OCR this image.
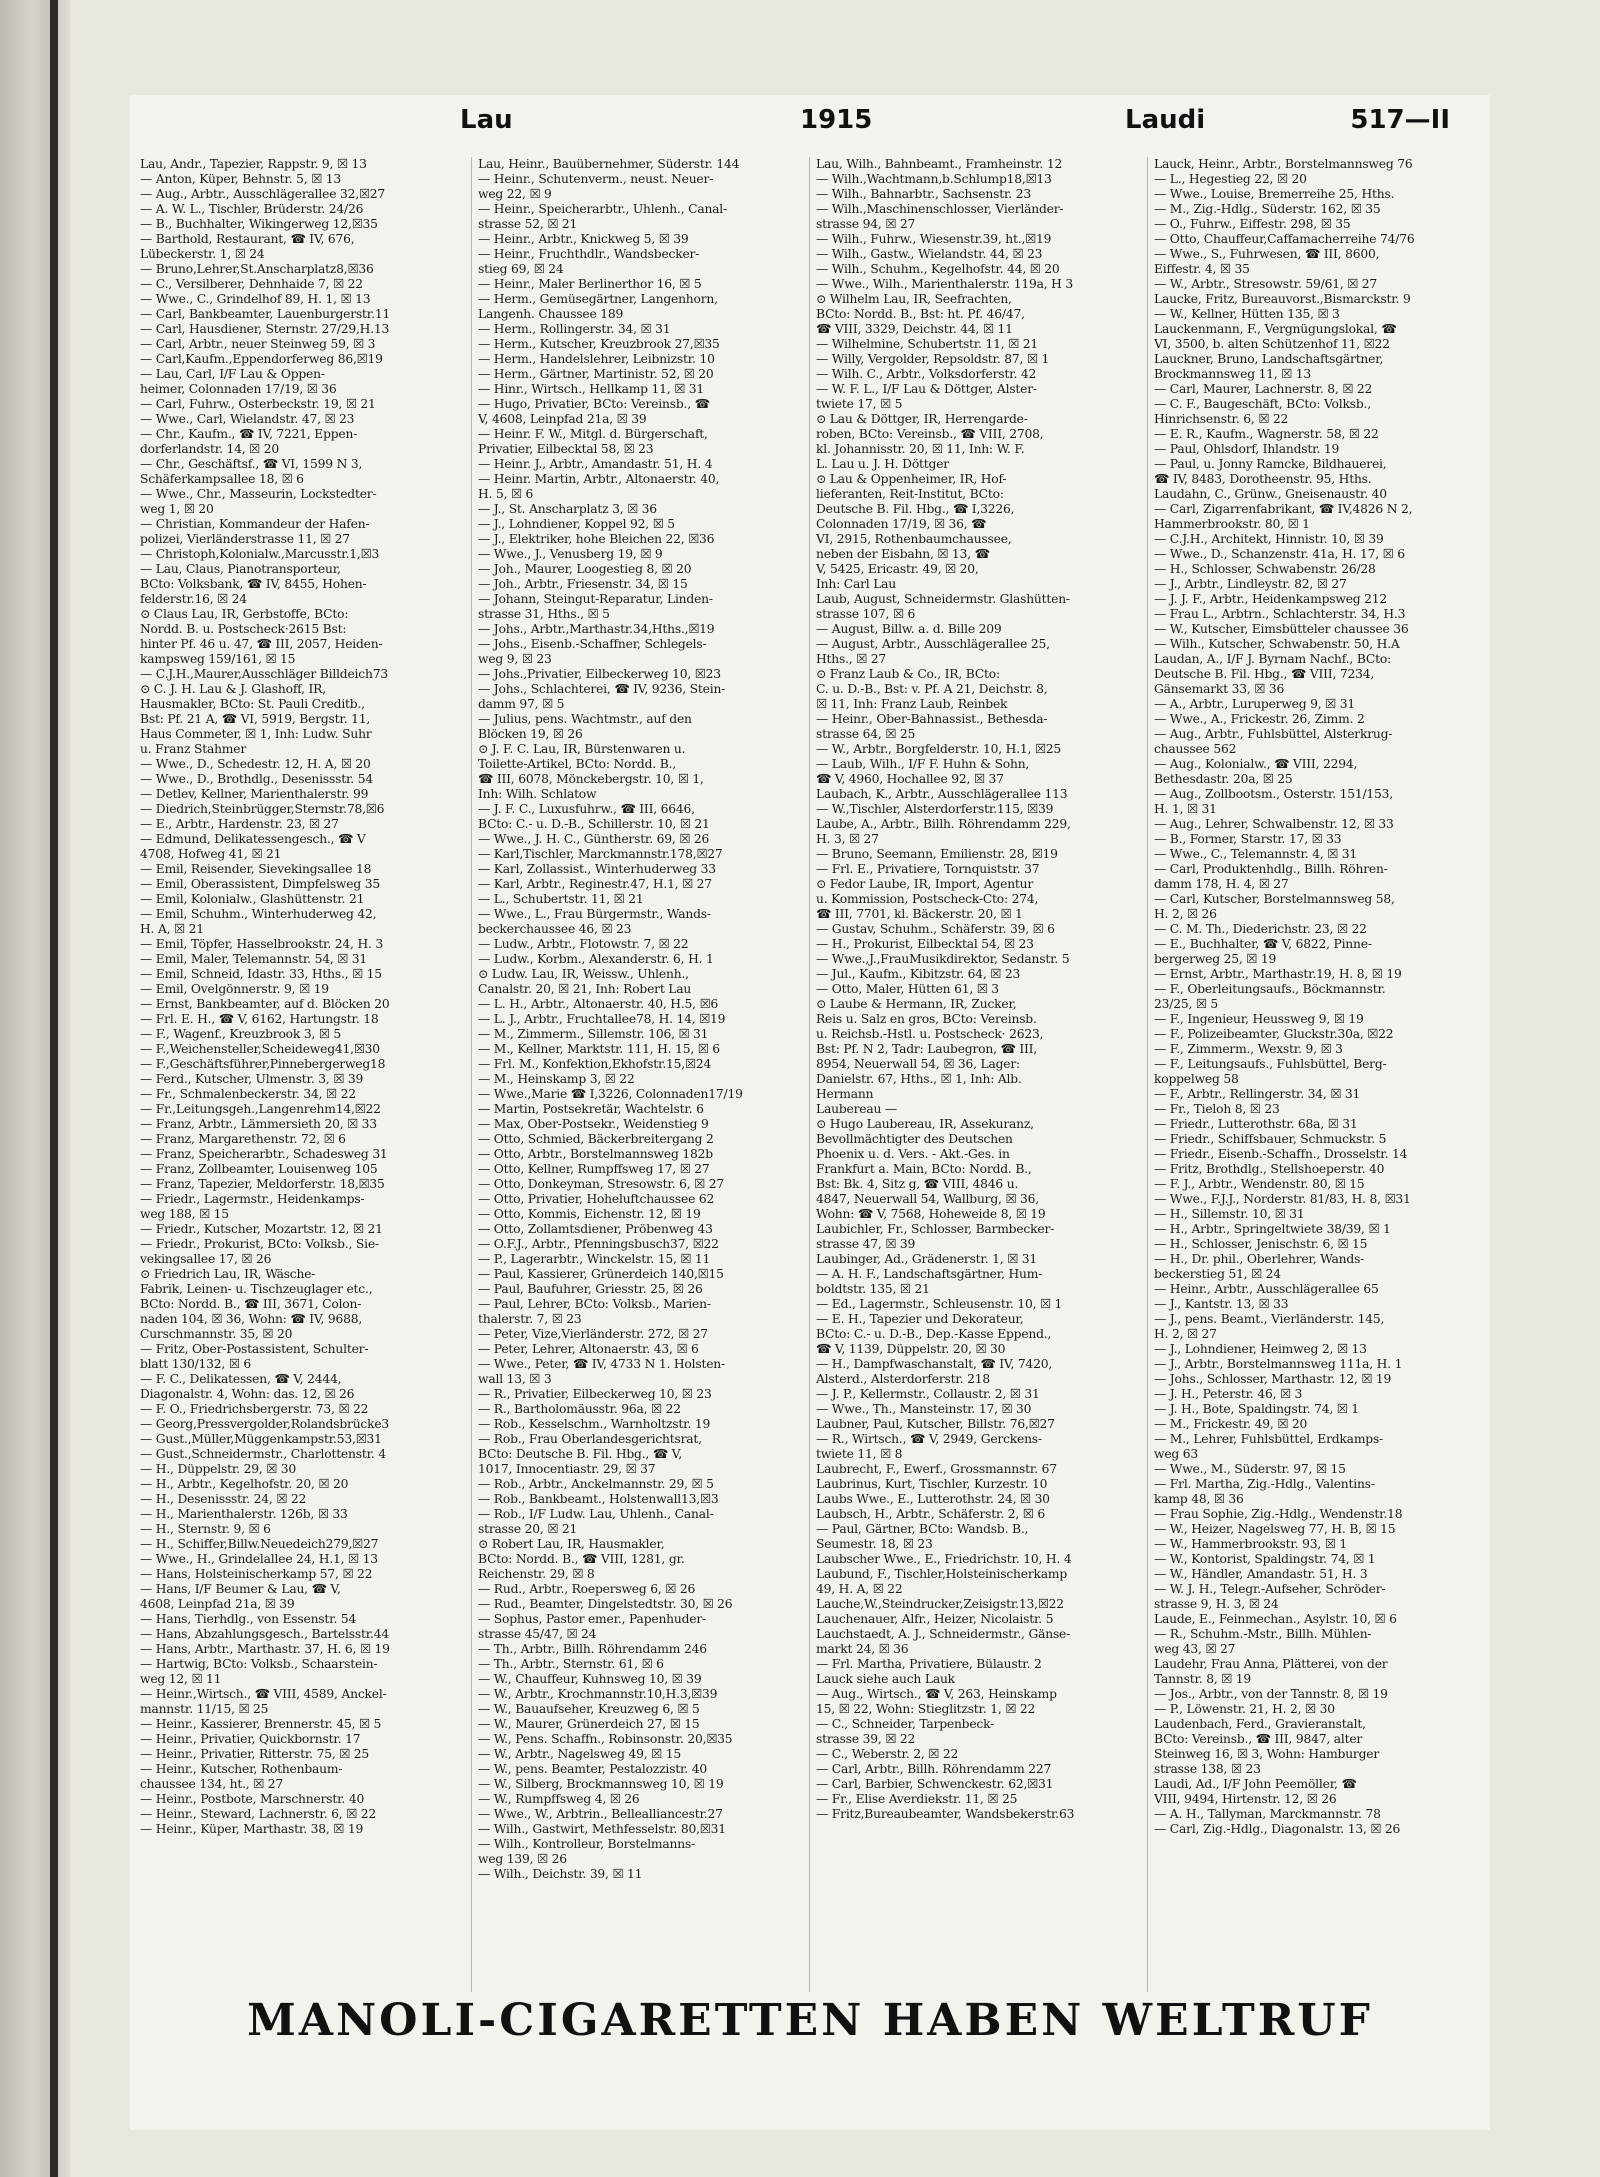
Lau	1915	Laudi	517—II
Lau, Andr., Tapezier, Rappstr. 9, ☒ 13
— Anton, Küper, Behnstr. 5, ☒ 13
— Aug., Arbtr., Ausschlägerallee 32,☒27
— A. W. L., Tischler, Brüderstr. 24/26
— B., Buchhalter, Wikingerweg 12,☒35
— Barthold, Restaurant, ☎ IV, 676,
Lübeckerstr. 1, ☒ 24
— Bruno,Lehrer,St.Anscharplatz8,☒36
— C., Versilberer, Dehnhaide 7, ☒ 22
— Wwe., C., Grindelhof 89, H. 1, ☒ 13
— Carl, Bankbeamter, Lauenburgerstr.11
— Carl, Hausdiener, Sternstr. 27/29,H.13
— Carl, Arbtr., neuer Steinweg 59, ☒ 3
— Carl,Kaufm.,Eppendorferweg 86,☒19
— Lau, Carl, I/F Lau & Oppen-
heimer, Colonnaden 17/19, ☒ 36
— Carl, Fuhrw., Osterbeckstr. 19, ☒ 21
— Wwe., Carl, Wielandstr. 47, ☒ 23
— Chr., Kaufm., ☎ IV, 7221, Eppen-
dorferlandstr. 14, ☒ 20
— Chr., Geschäftsf., ☎ VI, 1599 N 3,
Schäferkampsallee 18, ☒ 6
— Wwe., Chr., Masseurin, Lockstedter-
weg 1, ☒ 20
— Christian, Kommandeur der Hafen-
polizei, Vierländerstrasse 11, ☒ 27
— Christoph,Kolonialw.,Marcusstr.1,☒3
— Lau, Claus, Pianotransporteur,
BCto: Volksbank, ☎ IV, 8455, Hohen-
felderstr.16, ☒ 24
⊙ Claus Lau, IR, Gerbstoffe, BCto:
Nordd. B. u. Postscheck·2615 Bst:
hinter Pf. 46 u. 47, ☎ III, 2057, Heiden-
kampsweg 159/161, ☒ 15
— C.J.H.,Maurer,Ausschläger Billdeich73
⊙ C. J. H. Lau & J. Glashoff, IR,
Hausmakler, BCto: St. Pauli Creditb.,
Bst: Pf. 21 A, ☎ VI, 5919, Bergstr. 11,
Haus Commeter, ☒ 1, Inh: Ludw. Suhr
u. Franz Stahmer
— Wwe., D., Schedestr. 12, H. A, ☒ 20
— Wwe., D., Brothdlg., Desenissstr. 54
— Detlev, Kellner, Marienthalerstr. 99
— Diedrich,Steinbrügger,Sternstr.78,☒6
— E., Arbtr., Hardenstr. 23, ☒ 27
— Edmund, Delikatessengesch., ☎ V
4708, Hofweg 41, ☒ 21
— Emil, Reisender, Sievekingsallee 18
— Emil, Oberassistent, Dimpfelsweg 35
— Emil, Kolonialw., Glashüttenstr. 21
— Emil, Schuhm., Winterhuderweg 42,
H. A, ☒ 21
— Emil, Töpfer, Hasselbrookstr. 24, H. 3
— Emil, Maler, Telemannstr. 54, ☒ 31
— Emil, Schneid, Idastr. 33, Hths., ☒ 15
— Emil, Ovelgönnerstr. 9, ☒ 19
— Ernst, Bankbeamter, auf d. Blöcken 20
— Frl. E. H., ☎ V, 6162, Hartungstr. 18
— F., Wagenf., Kreuzbrook 3, ☒ 5
— F.,Weichensteller,Scheideweg41,☒30
— F.,Geschäftsführer,Pinnebergerweg18
— Ferd., Kutscher, Ulmenstr. 3, ☒ 39
— Fr., Schmalenbeckerstr. 34, ☒ 22
— Fr.,Leitungsgeh.,Langenrehm14,☒22
— Franz, Arbtr., Lämmersieth 20, ☒ 33
— Franz, Margarethenstr. 72, ☒ 6
— Franz, Speicherarbtr., Schadesweg 31
— Franz, Zollbeamter, Louisenweg 105
— Franz, Tapezier, Meldorferstr. 18,☒35
— Friedr., Lagermstr., Heidenkamps-
weg 188, ☒ 15
— Friedr., Kutscher, Mozartstr. 12, ☒ 21
— Friedr., Prokurist, BCto: Volksb., Sie-
vekingsallee 17, ☒ 26
⊙ Friedrich Lau, IR, Wäsche-
Fabrik, Leinen- u. Tischzeuglager etc.,
BCto: Nordd. B., ☎ III, 3671, Colon-
naden 104, ☒ 36, Wohn: ☎ IV, 9688,
Curschmannstr. 35, ☒ 20
— Fritz, Ober-Postassistent, Schulter-
blatt 130/132, ☒ 6
— F. C., Delikatessen, ☎ V, 2444,
Diagonalstr. 4, Wohn: das. 12, ☒ 26
— F. O., Friedrichsbergerstr. 73, ☒ 22
— Georg,Pressvergolder,Rolandsbrücke3
— Gust.,Müller,Müggenkampstr.53,☒31
— Gust.,Schneidermstr., Charlottenstr. 4
— H., Düppelstr. 29, ☒ 30
— H., Arbtr., Kegelhofstr. 20, ☒ 20
— H., Desenissstr. 24, ☒ 22
— H., Marienthalerstr. 126b, ☒ 33
— H., Sternstr. 9, ☒ 6
— H., Schiffer,Billw.Neuedeich279,☒27
— Wwe., H., Grindelallee 24, H.1, ☒ 13
— Hans, Holsteinischerkamp 57, ☒ 22
— Hans, I/F Beumer & Lau, ☎ V,
4608, Leinpfad 21a, ☒ 39
— Hans, Tierhdlg., von Essenstr. 54
— Hans, Abzahlungsgesch., Bartelsstr.44
— Hans, Arbtr., Marthastr. 37, H. 6, ☒ 19
— Hartwig, BCto: Volksb., Schaarstein-
weg 12, ☒ 11
— Heinr.,Wirtsch., ☎ VIII, 4589, Anckel-
mannstr. 11/15, ☒ 25
— Heinr., Kassierer, Brennerstr. 45, ☒ 5
— Heinr., Privatier, Quickbornstr. 17
— Heinr., Privatier, Ritterstr. 75, ☒ 25
— Heinr., Kutscher, Rothenbaum-
chaussee 134, ht., ☒ 27
— Heinr., Postbote, Marschnerstr. 40
— Heinr., Steward, Lachnerstr. 6, ☒ 22
— Heinr., Küper, Marthastr. 38, ☒ 19
Lau, Heinr., Bauübernehmer, Süderstr. 144
— Heinr., Schutenverm., neust. Neuer-
weg 22, ☒ 9
— Heinr., Speicherarbtr., Uhlenh., Canal-
strasse 52, ☒ 21
— Heinr., Arbtr., Knickweg 5, ☒ 39
— Heinr., Fruchthdlr., Wandsbecker-
stieg 69, ☒ 24
— Heinr., Maler Berlinerthor 16, ☒ 5
— Herm., Gemüsegärtner, Langenhorn,
Langenh. Chaussee 189
— Herm., Rollingerstr. 34, ☒ 31
— Herm., Kutscher, Kreuzbrook 27,☒35
— Herm., Handelslehrer, Leibnizstr. 10
— Herm., Gärtner, Martinistr. 52, ☒ 20
— Hinr., Wirtsch., Hellkamp 11, ☒ 31
— Hugo, Privatier, BCto: Vereinsb., ☎
V, 4608, Leinpfad 21a, ☒ 39
— Heinr. F. W., Mitgl. d. Bürgerschaft,
Privatier, Eilbecktal 58, ☒ 23
— Heinr. J., Arbtr., Amandastr. 51, H. 4
— Heinr. Martin, Arbtr., Altonaerstr. 40,
H. 5, ☒ 6
— J., St. Anscharplatz 3, ☒ 36
— J., Lohndiener, Koppel 92, ☒ 5
— J., Elektriker, hohe Bleichen 22, ☒36
— Wwe., J., Venusberg 19, ☒ 9
— Joh., Maurer, Loogestieg 8, ☒ 20
— Joh., Arbtr., Friesenstr. 34, ☒ 15
— Johann, Steingut-Reparatur, Linden-
strasse 31, Hths., ☒ 5
— Johs., Arbtr.,Marthastr.34,Hths.,☒19
— Johs., Eisenb.-Schaffner, Schlegels-
weg 9, ☒ 23
— Johs.,Privatier, Eilbeckerweg 10, ☒23
— Johs., Schlachterei, ☎ IV, 9236, Stein-
damm 97, ☒ 5
— Julius, pens. Wachtmstr., auf den
Blöcken 19, ☒ 26
⊙ J. F. C. Lau, IR, Bürstenwaren u.
Toilette-Artikel, BCto: Nordd. B.,
☎ III, 6078, Mönckebergstr. 10, ☒ 1,
Inh: Wilh. Schlatow
— J. F. C., Luxusfuhrw., ☎ III, 6646,
BCto: C.- u. D.-B., Schillerstr. 10, ☒ 21
— Wwe., J. H. C., Güntherstr. 69, ☒ 26
— Karl,Tischler, Marckmannstr.178,☒27
— Karl, Zollassist., Winterhuderweg 33
— Karl, Arbtr., Reginestr.47, H.1, ☒ 27
— L., Schubertstr. 11, ☒ 21
— Wwe., L., Frau Bürgermstr., Wands-
beckerchaussee 46, ☒ 23
— Ludw., Arbtr., Flotowstr. 7, ☒ 22
— Ludw., Korbm., Alexanderstr. 6, H. 1
⊙ Ludw. Lau, IR, Weissw., Uhlenh.,
Canalstr. 20, ☒ 21, Inh: Robert Lau
— L. H., Arbtr., Altonaerstr. 40, H.5, ☒6
— L. J., Arbtr., Fruchtallee78, H. 14, ☒19
— M., Zimmerm., Sillemstr. 106, ☒ 31
— M., Kellner, Marktstr. 111, H. 15, ☒ 6
— Frl. M., Konfektion,Ekhofstr.15,☒24
— M., Heinskamp 3, ☒ 22
— Wwe.,Marie ☎ I,3226, Colonnaden17/19
— Martin, Postsekretär, Wachtelstr. 6
— Max, Ober-Postsekr., Weidenstieg 9
— Otto, Schmied, Bäckerbreitergang 2
— Otto, Arbtr., Borstelmannsweg 182b
— Otto, Kellner, Rumpffsweg 17, ☒ 27
— Otto, Donkeyman, Stresowstr. 6, ☒ 27
— Otto, Privatier, Hoheluftchaussee 62
— Otto, Kommis, Eichenstr. 12, ☒ 19
— Otto, Zollamtsdiener, Pröbenweg 43
— O.F.J., Arbtr., Pfenningsbusch37, ☒22
— P., Lagerarbtr., Winckelstr. 15, ☒ 11
— Paul, Kassierer, Grünerdeich 140,☒15
— Paul, Baufuhrer, Griesstr. 25, ☒ 26
— Paul, Lehrer, BCto: Volksb., Marien-
thalerstr. 7, ☒ 23
— Peter, Vize,Vierländerstr. 272, ☒ 27
— Peter, Lehrer, Altonaerstr. 43, ☒ 6
— Wwe., Peter, ☎ IV, 4733 N 1. Holsten-
wall 13, ☒ 3
— R., Privatier, Eilbeckerweg 10, ☒ 23
— R., Bartholomäusstr. 96a, ☒ 22
— Rob., Kesselschm., Warnholtzstr. 19
— Rob., Frau Oberlandesgerichtsrat,
BCto: Deutsche B. Fil. Hbg., ☎ V,
1017, Innocentiastr. 29, ☒ 37
— Rob., Arbtr., Anckelmannstr. 29, ☒ 5
— Rob., Bankbeamt., Holstenwall13,☒3
— Rob., I/F Ludw. Lau, Uhlenh., Canal-
strasse 20, ☒ 21
⊙ Robert Lau, IR, Hausmakler,
BCto: Nordd. B., ☎ VIII, 1281, gr.
Reichenstr. 29, ☒ 8
— Rud., Arbtr., Roepersweg 6, ☒ 26
— Rud., Beamter, Dingelstedtstr. 30, ☒ 26
— Sophus, Pastor emer., Papenhuder-
strasse 45/47, ☒ 24
— Th., Arbtr., Billh. Röhrendamm 246
— Th., Arbtr., Sternstr. 61, ☒ 6
— W., Chauffeur, Kuhnsweg 10, ☒ 39
— W., Arbtr., Krochmannstr.10,H.3,☒39
— W., Bauaufseher, Kreuzweg 6, ☒ 5
— W., Maurer, Grünerdeich 27, ☒ 15
— W., Pens. Schaffn., Robinsonstr. 20,☒35
— W., Arbtr., Nagelsweg 49, ☒ 15
— W., pens. Beamter, Pestalozzistr. 40
— W., Silberg, Brockmannsweg 10, ☒ 19
— W., Rumpffsweg 4, ☒ 26
— Wwe., W., Arbtrin., Bellealliancestr.27
— Wilh., Gastwirt, Methfesselstr. 80,☒31
— Wilh., Kontrolleur, Borstelmanns-
weg 139, ☒ 26
— Wilh., Deichstr. 39, ☒ 11
Lau, Wilh., Bahnbeamt., Framheinstr. 12
— Wilh.,Wachtmann,b.Schlump18,☒13
— Wilh., Bahnarbtr., Sachsenstr. 23
— Wilh.,Maschinenschlosser, Vierländer-
strasse 94, ☒ 27
— Wilh., Fuhrw., Wiesenstr.39, ht.,☒19
— Wilh., Gastw., Wielandstr. 44, ☒ 23
— Wilh., Schuhm., Kegelhofstr. 44, ☒ 20
— Wwe., Wilh., Marienthalerstr. 119a, H 3
⊙ Wilhelm Lau, IR, Seefrachten,
BCto: Nordd. B., Bst: ht. Pf. 46/47,
☎ VIII, 3329, Deichstr. 44, ☒ 11
— Wilhelmine, Schubertstr. 11, ☒ 21
— Willy, Vergolder, Repsoldstr. 87, ☒ 1
— Wilh. C., Arbtr., Volksdorferstr. 42
— W. F. L., I/F Lau & Döttger, Alster-
twiete 17, ☒ 5
⊙ Lau & Döttger, IR, Herrengarde-
roben, BCto: Vereinsb., ☎ VIII, 2708,
kl. Johannisstr. 20, ☒ 11, Inh: W. F.
L. Lau u. J. H. Döttger
⊙ Lau & Oppenheimer, IR, Hof-
lieferanten, Reit-Institut, BCto:
Deutsche B. Fil. Hbg., ☎ I,3226,
Colonnaden 17/19, ☒ 36, ☎
VI, 2915, Rothenbaumchaussee,
neben der Eisbahn, ☒ 13, ☎
V, 5425, Ericastr. 49, ☒ 20,
Inh: Carl Lau
Laub, August, Schneidermstr. Glashütten-
strasse 107, ☒ 6
— August, Billw. a. d. Bille 209
— August, Arbtr., Ausschlägerallee 25,
Hths., ☒ 27
⊙ Franz Laub & Co., IR, BCto:
C. u. D.-B., Bst: v. Pf. A 21, Deichstr. 8,
☒ 11, Inh: Franz Laub, Reinbek
— Heinr., Ober-Bahnassist., Bethesda-
strasse 64, ☒ 25
— W., Arbtr., Borgfelderstr. 10, H.1, ☒25
— Laub, Wilh., I/F F. Huhn & Sohn,
☎ V, 4960, Hochallee 92, ☒ 37
Laubach, K., Arbtr., Ausschlägerallee 113
— W.,Tischler, Alsterdorferstr.115, ☒39
Laube, A., Arbtr., Billh. Röhrendamm 229,
H. 3, ☒ 27
— Bruno, Seemann, Emilienstr. 28, ☒19
— Frl. E., Privatiere, Tornquiststr. 37
⊙ Fedor Laube, IR, Import, Agentur
u. Kommission, Postscheck-Cto: 274,
☎ III, 7701, kl. Bäckerstr. 20, ☒ 1
— Gustav, Schuhm., Schäferstr. 39, ☒ 6
— H., Prokurist, Eilbecktal 54, ☒ 23
— Wwe.,J.,FrauMusikdirektor, Sedanstr. 5
— Jul., Kaufm., Kibitzstr. 64, ☒ 23
— Otto, Maler, Hütten 61, ☒ 3
⊙ Laube & Hermann, IR, Zucker,
Reis u. Salz en gros, BCto: Vereinsb.
u. Reichsb.-Hstl. u. Postscheck· 2623,
Bst: Pf. N 2, Tadr: Laubegron, ☎ III,
8954, Neuerwall 54, ☒ 36, Lager:
Danielstr. 67, Hths., ☒ 1, Inh: Alb.
Hermann
Laubereau —
⊙ Hugo Laubereau, IR, Assekuranz,
Bevollmächtigter des Deutschen
Phoenix u. d. Vers. - Akt.-Ges. in
Frankfurt a. Main, BCto: Nordd. B.,
Bst: Bk. 4, Sitz g, ☎ VIII, 4846 u.
4847, Neuerwall 54, Wallburg, ☒ 36,
Wohn: ☎ V, 7568, Hoheweide 8, ☒ 19
Laubichler, Fr., Schlosser, Barmbecker-
strasse 47, ☒ 39
Laubinger, Ad., Grädenerstr. 1, ☒ 31
— A. H. F., Landschaftsgärtner, Hum-
boldtstr. 135, ☒ 21
— Ed., Lagermstr., Schleusenstr. 10, ☒ 1
— E. H., Tapezier und Dekorateur,
BCto: C.- u. D.-B., Dep.-Kasse Eppend.,
☎ V, 1139, Düppelstr. 20, ☒ 30
— H., Dampfwaschanstalt, ☎ IV, 7420,
Alsterd., Alsterdorferstr. 218
— J. P., Kellermstr., Collaustr. 2, ☒ 31
— Wwe., Th., Mansteinstr. 17, ☒ 30
Laubner, Paul, Kutscher, Billstr. 76,☒27
— R., Wirtsch., ☎ V, 2949, Gerckens-
twiete 11, ☒ 8
Laubrecht, F., Ewerf., Grossmannstr. 67
Laubrinus, Kurt, Tischler, Kurzestr. 10
Laubs Wwe., E., Lutterothstr. 24, ☒ 30
Laubsch, H., Arbtr., Schäferstr. 2, ☒ 6
— Paul, Gärtner, BCto: Wandsb. B.,
Seumestr. 18, ☒ 23
Laubscher Wwe., E., Friedrichstr. 10, H. 4
Laubund, F., Tischler,Holsteinischerkamp
49, H. A, ☒ 22
Lauche,W.,Steindrucker,Zeisigstr.13,☒22
Lauchenauer, Alfr., Heizer, Nicolaistr. 5
Lauchstaedt, A. J., Schneidermstr., Gänse-
markt 24, ☒ 36
— Frl. Martha, Privatiere, Bülaustr. 2
Lauck siehe auch Lauk
— Aug., Wirtsch., ☎ V, 263, Heinskamp
15, ☒ 22, Wohn: Stieglitzstr. 1, ☒ 22
— C., Schneider, Tarpenbeck-
strasse 39, ☒ 22
— C., Weberstr. 2, ☒ 22
— Carl, Arbtr., Billh. Röhrendamm 227
— Carl, Barbier, Schwenckestr. 62,☒31
— Fr., Elise Averdiekstr. 11, ☒ 25
— Fritz,Bureaubeamter, Wandsbekerstr.63
Lauck, Heinr., Arbtr., Borstelmannsweg 76
— L., Hegestieg 22, ☒ 20
— Wwe., Louise, Bremerreihe 25, Hths.
— M., Zig.-Hdlg., Süderstr. 162, ☒ 35
— O., Fuhrw., Eiffestr. 298, ☒ 35
— Otto, Chauffeur,Caffamacherreihe 74/76
— Wwe., S., Fuhrwesen, ☎ III, 8600,
Eiffestr. 4, ☒ 35
— W., Arbtr., Stresowstr. 59/61, ☒ 27
Laucke, Fritz, Bureauvorst.,Bismarckstr. 9
— W., Kellner, Hütten 135, ☒ 3
Lauckenmann, F., Vergnügungslokal, ☎
VI, 3500, b. alten Schützenhof 11, ☒22
Lauckner, Bruno, Landschaftsgärtner,
Brockmannsweg 11, ☒ 13
— Carl, Maurer, Lachnerstr. 8, ☒ 22
— C. F., Baugeschäft, BCto: Volksb.,
Hinrichsenstr. 6, ☒ 22
— E. R., Kaufm., Wagnerstr. 58, ☒ 22
— Paul, Ohlsdorf, Ihlandstr. 19
— Paul, u. Jonny Ramcke, Bildhauerei,
☎ IV, 8483, Dorotheenstr. 95, Hths.
Laudahn, C., Grünw., Gneisenaustr. 40
— Carl, Zigarrenfabrikant, ☎ IV,4826 N 2,
Hammerbrookstr. 80, ☒ 1
— C.J.H., Architekt, Hinnistr. 10, ☒ 39
— Wwe., D., Schanzenstr. 41a, H. 17, ☒ 6
— H., Schlosser, Schwabenstr. 26/28
— J., Arbtr., Lindleystr. 82, ☒ 27
— J. J. F., Arbtr., Heidenkampsweg 212
— Frau L., Arbtrn., Schlachterstr. 34, H.3
— W., Kutscher, Eimsbütteler chaussee 36
— Wilh., Kutscher, Schwabenstr. 50, H.A
Laudan, A., I/F J. Byrnam Nachf., BCto:
Deutsche B. Fil. Hbg., ☎ VIII, 7234,
Gänsemarkt 33, ☒ 36
— A., Arbtr., Luruperweg 9, ☒ 31
— Wwe., A., Frickestr. 26, Zimm. 2
— Aug., Arbtr., Fuhlsbüttel, Alsterkrug-
chaussee 562
— Aug., Kolonialw., ☎ VIII, 2294,
Bethesdastr. 20a, ☒ 25
— Aug., Zollbootsm., Osterstr. 151/153,
H. 1, ☒ 31
— Aug., Lehrer, Schwalbenstr. 12, ☒ 33
— B., Former, Starstr. 17, ☒ 33
— Wwe., C., Telemannstr. 4, ☒ 31
— Carl, Produktenhdlg., Billh. Röhren-
damm 178, H. 4, ☒ 27
— Carl, Kutscher, Borstelmannsweg 58,
H. 2, ☒ 26
— C. M. Th., Diederichstr. 23, ☒ 22
— E., Buchhalter, ☎ V, 6822, Pinne-
bergerweg 25, ☒ 19
— Ernst, Arbtr., Marthastr.19, H. 8, ☒ 19
— F., Oberleitungsaufs., Böckmannstr.
23/25, ☒ 5
— F., Ingenieur, Heussweg 9, ☒ 19
— F., Polizeibeamter, Gluckstr.30a, ☒22
— F., Zimmerm., Wexstr. 9, ☒ 3
— F., Leitungsaufs., Fuhlsbüttel, Berg-
koppelweg 58
— F., Arbtr., Rellingerstr. 34, ☒ 31
— Fr., Tieloh 8, ☒ 23
— Friedr., Lutterothstr. 68a, ☒ 31
— Friedr., Schiffsbauer, Schmuckstr. 5
— Friedr., Eisenb.-Schaffn., Drosselstr. 14
— Fritz, Brothdlg., Stellshoeperstr. 40
— F. J., Arbtr., Wendenstr. 80, ☒ 15
— Wwe., F.J.J., Norderstr. 81/83, H. 8, ☒31
— H., Sillemstr. 10, ☒ 31
— H., Arbtr., Springeltwiete 38/39, ☒ 1
— H., Schlosser, Jenischstr. 6, ☒ 15
— H., Dr. phil., Oberlehrer, Wands-
beckerstieg 51, ☒ 24
— Heinr., Arbtr., Ausschlägerallee 65
— J., Kantstr. 13, ☒ 33
— J., pens. Beamt., Vierländerstr. 145,
H. 2, ☒ 27
— J., Lohndiener, Heimweg 2, ☒ 13
— J., Arbtr., Borstelmannsweg 111a, H. 1
— Johs., Schlosser, Marthastr. 12, ☒ 19
— J. H., Peterstr. 46, ☒ 3
— J. H., Bote, Spaldingstr. 74, ☒ 1
— M., Frickestr. 49, ☒ 20
— M., Lehrer, Fuhlsbüttel, Erdkamps-
weg 63
— Wwe., M., Süderstr. 97, ☒ 15
— Frl. Martha, Zig.-Hdlg., Valentins-
kamp 48, ☒ 36
— Frau Sophie, Zig.-Hdlg., Wendenstr.18
— W., Heizer, Nagelsweg 77, H. B, ☒ 15
— W., Hammerbrookstr. 93, ☒ 1
— W., Kontorist, Spaldingstr. 74, ☒ 1
— W., Händler, Amandastr. 51, H. 3
— W. J. H., Telegr.-Aufseher, Schröder-
strasse 9, H. 3, ☒ 24
Laude, E., Feinmechan., Asylstr. 10, ☒ 6
— R., Schuhm.-Mstr., Billh. Mühlen-
weg 43, ☒ 27
Laudehr, Frau Anna, Plätterei, von der
Tannstr. 8, ☒ 19
— Jos., Arbtr., von der Tannstr. 8, ☒ 19
— P., Löwenstr. 21, H. 2, ☒ 30
Laudenbach, Ferd., Gravieranstalt,
BCto: Vereinsb., ☎ III, 9847, alter
Steinweg 16, ☒ 3, Wohn: Hamburger
strasse 138, ☒ 23
Laudi, Ad., I/F John Peemöller, ☎
VIII, 9494, Hirtenstr. 12, ☒ 26
— A. H., Tallyman, Marckmannstr. 78
— Carl, Zig.-Hdlg., Diagonalstr. 13, ☒ 26
MANOLI-CIGARETTEN HABEN WELTRUF
